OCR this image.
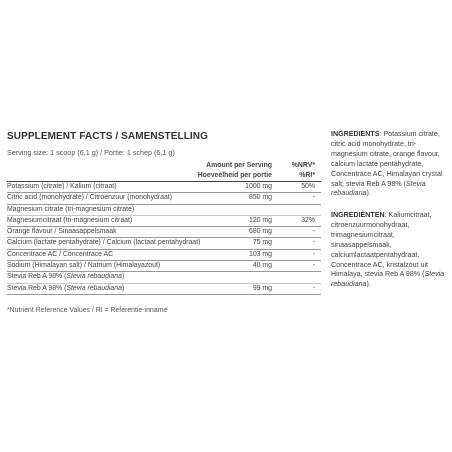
SUPPLEMENT FACTS / SAMENSTELLING
Serving size: 1 scoop (6,1 g) / Portie: 1 schep (6,1 g)
Amount per Serving
Hoeveelheid per portie
%NRV*
%RI*
Potassium (citrate) / Kalium (citraat)	1000 mg	50%
Citric acid (monohydrate) / Citroenzuur (monohydraat)	850 mg	-
Magnesium citrate (tri-magnesium citrate)
Magnesiumcitraat (tri-magnesium citraat)	120 mg	32%
Orange flavour / Sinaasappelsmaak	680 mg	-
Calcium (lactate pentahydrate) / Calcium (lactaat pentahydraat)	75 mg	-
Concentrace AC / Concentrace AC	103 mg	-
Sodium (Himalayan salt) / Natrium (Himalayazout)	40 mg	-
Stevia Reb A 98% (Stevia rebaudiana)
Stevia Reb A 98% (Stevia rebaudiana)	99 mg	-
*Nutrient Reference Values / RI = Referentie-inname
INGREDIENTS: Potassium citrate, citric acid monohydrate, tri-magnesium citrate, orange flavour, calcium lactate pentahydrate, Concentrace AC, Himalayan crystal salt, stevia Reb A 98% (Stevia rebaudiana).
INGREDIËNTEN: Kaliumcitraat, citroenzuurmonohydraat, trimagnesiumcitraat, sinaasappelsmaak, calciumlactaatpentahydraat, Concentrace AC, kristalzout uit Himalaya, stevia Reb A 98% (Stevia rebaudiana).
